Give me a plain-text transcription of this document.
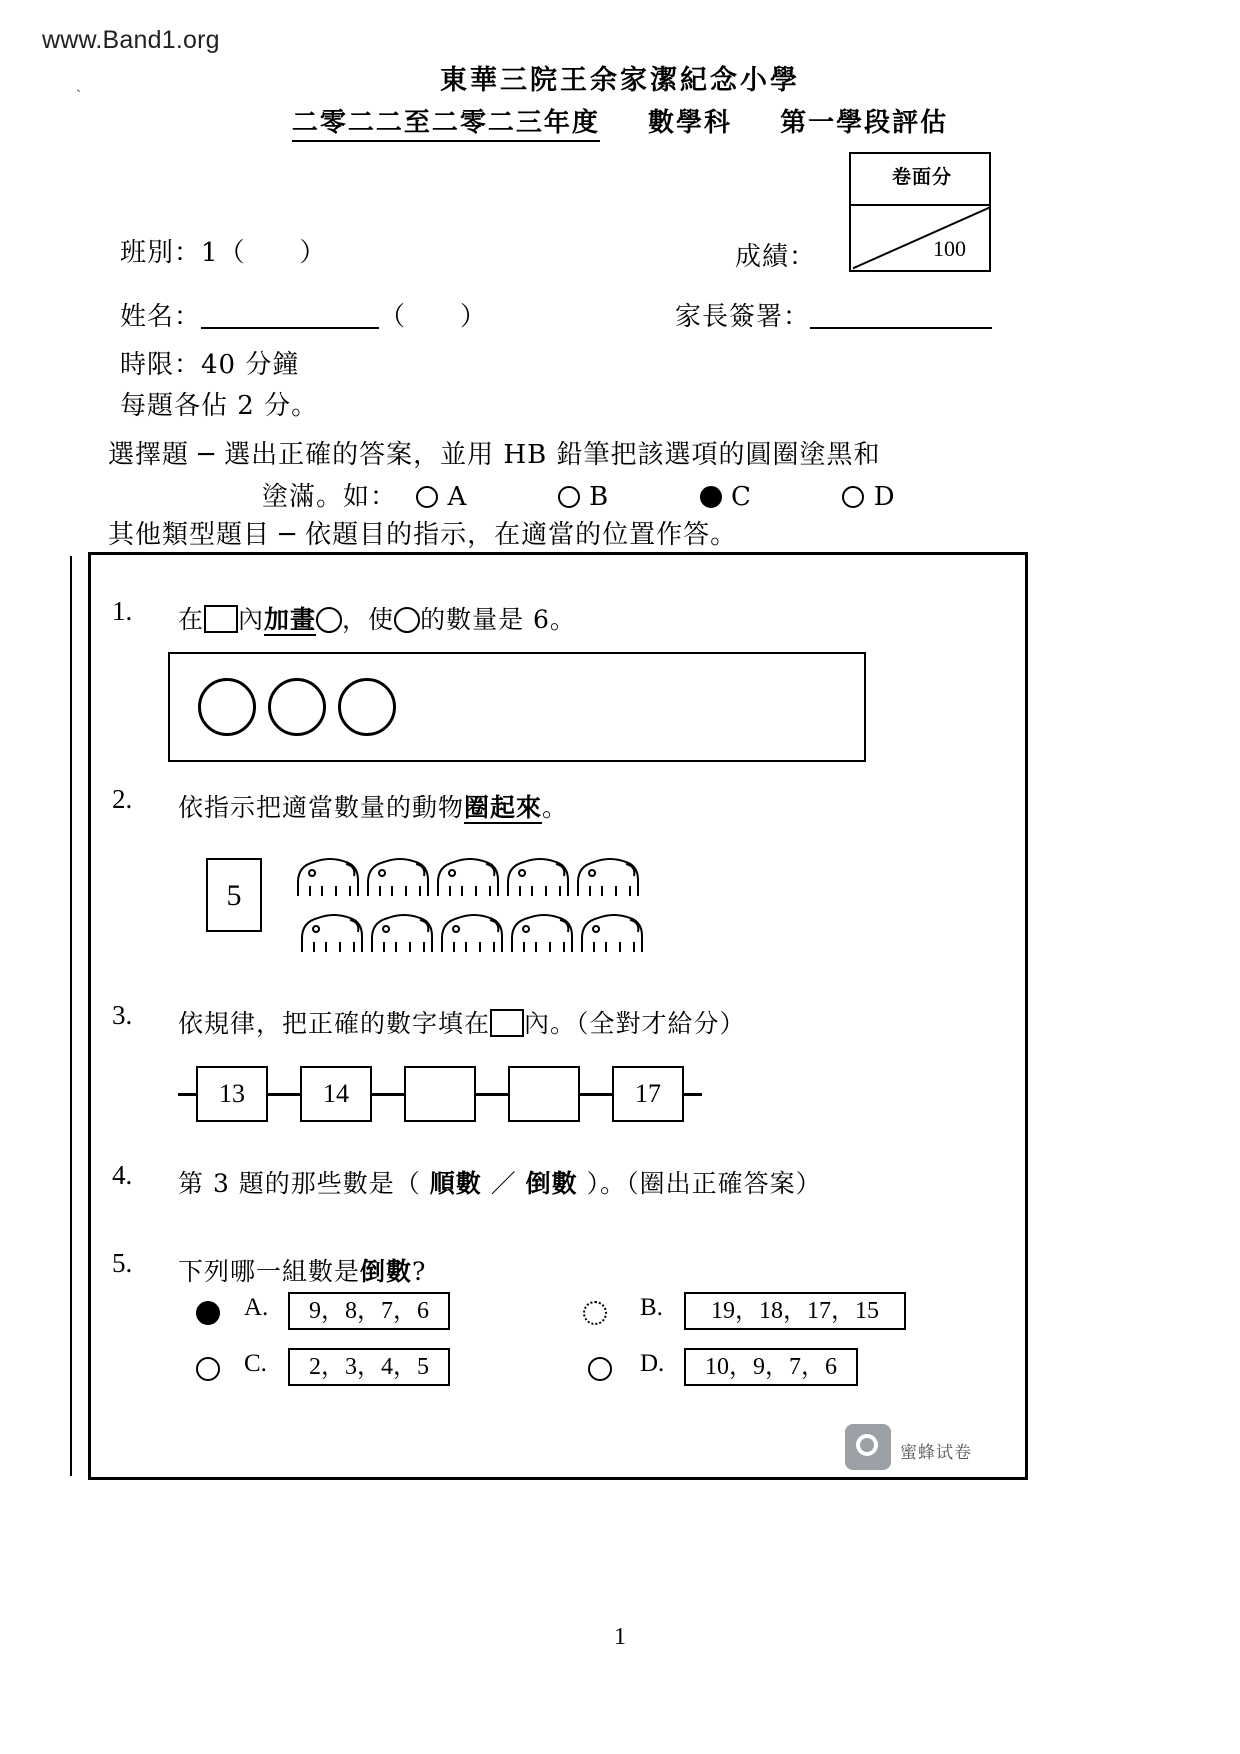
www.Band1.org
`	東華三院王余家潔紀念小學
二零二二至二零二三年度 數學科 第一學段評估
卷面分
100
班別：1（　　）
姓名：	（　　）
時限：40 分鐘
每題各佔 2 分。
成績：
家長簽署：
選擇題 ─ 選出正確的答案，並用 HB 鉛筆把該選項的圓圈塗黑和
塗滿。如： A	B	C	D
其他類型題目 ─ 依題目的指示，在適當的位置作答。
1. 在 內加畫 ，使 的數量是 6。
2. 依指示把適當數量的動物圈起來。
5
3. 依規律，把正確的數字填在 內。（全對才給分）
13	14	17
4. 第 3 題的那些數是（ 順數 ／ 倒數 ）。（圈出正確答案）
5. 下列哪一組數是倒數?
A.	9，8，7，6	B.	19，18，17，15
C.	2，3，4，5	D.	10，9，7，6
蜜蜂试卷
1
